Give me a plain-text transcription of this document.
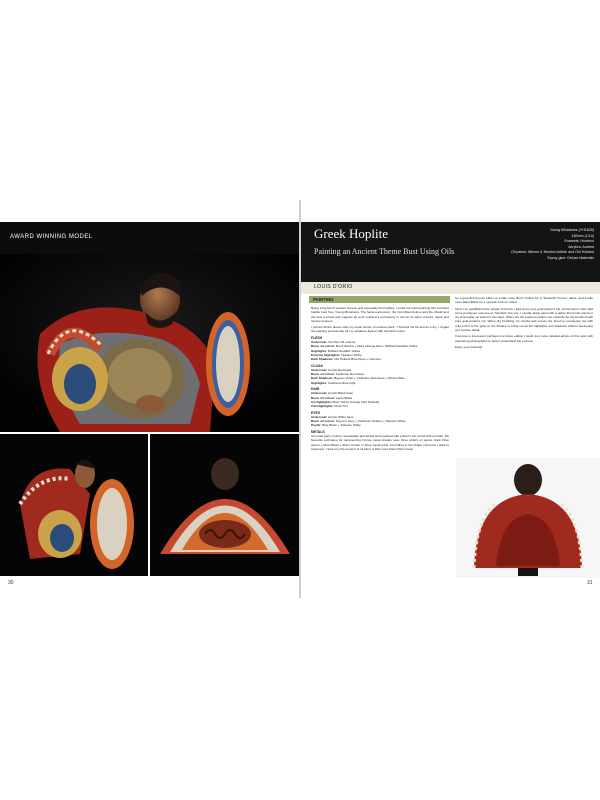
AWARD WINNING MODEL
30
Greek Hoplite
Painting an Ancient Theme Bust Using Oils
Young Miniatures (YH1839)
180mm (1/10)
Enamels: Humbrol
Acrylics: Andrea
Oil paints: Winsor & Newton Artists' and Old Holland
Epoxy glue: Deluxe Materials
LOUIS D'ORIO
PAINTING

Being a big fan of ancient Greece and especially the hoplites, I could not resist painting this excellent hoplite bust from Young Miniatures. The facial expression, the Corinthian helmet and the shield lend the bust a proud and majestic air and I painted it exclusively in oils for its warm colours, depth and velvety textures.

I primed all the pieces with my usual choice of enamel paint - Humbrol No.93 and let it dry. I began the painting process like all my miniature figures with the flesh colour.

FLESH
Undercoat: Humbrol 93 enamel
Basic oil colour: Burnt Sienna + Mars Orange Red + Brilliant Reddish Yellow
Highlights: Brilliant Reddish Yellow
Extreme Highlights: Titanium White
Dark Shadows: Old Holland Blue Deep + Carmine
CLOAK
Undercoat: Acrylic Red base
Basic oil colour: Cadmium Red Deep
Dark Shadows: Bayeux Violet + Cadmium Red Deep + Winsor Blue
Highlights: Cadmium Red Light
HAIR
Undercoat: Acrylic Black base
Basic oil colour: Lamp Black
Ist Highlights: Mars Yellow Orange (Old Holland)
2nd Highlights: Flesh Tint
EYES
Undercoat: Acrylic White base
Basic oil colour: Payne's Grey + Cadmium Scarlet + Titanium White
Pupils: Blue Black + Titanium White
METALS

All metal parts, helmet, breastplate and shield were painted with printer's ink mixed with oil paint. My favourite technique for representing bronze metal shades uses three artist's oil paints. Dark Olive Green + Mars Black + Burnt Umber in three equal parts. According to the shade of bronze I want to represent, I add very the amount of oil paint, a little more Dark Olive Green

for a greenish bronze effect or a little more Burnt Umber for a "brownish bronze" effect, and a little more Mars Black for a "greyish bronze" effect.

Once I've established the shade of bronze I add some pure gold printer's ink, stirred well in then add some petroleum essence to "liquidize" the mix. I usually apply paint with a rather thin brush and let it dry thoroughly; at least for two days. When dry the painted surface can carefully be dry-brushed with pure gold printer's ink. When dry brushing, be careful and ensure the brush is completely dry with only a hint of the gold on the bristles to bring out all the highlights and shadows without destroying any surface detail.

If anyone is interested, perhaps in a future edition I could do a more detailed article on this topic with supporting photographs to better understand the process. . .

Enjoy your painting!

31
